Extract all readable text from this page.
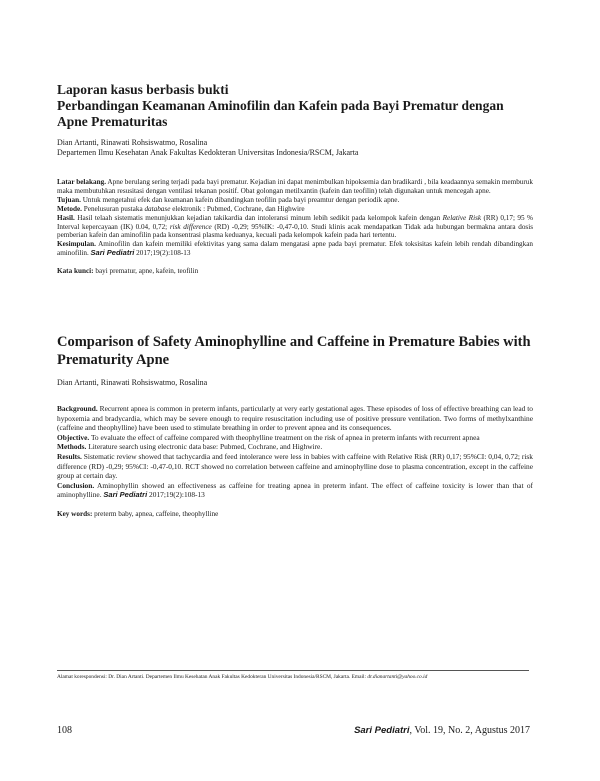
Laporan kasus berbasis bukti

Perbandingan Keamanan Aminofilin dan Kafein pada Bayi Prematur dengan Apne Prematuritas

Dian Artanti, Rinawati Rohsiswatmo, Rosalina

Departemen Ilmu Kesehatan Anak Fakultas Kedokteran Universitas Indonesia/RSCM, Jakarta

Latar belakang. Apne berulang sering terjadi pada bayi prematur. Kejadian ini dapat menimbulkan hipoksemia dan bradikardi , bila keadaannya semakin memburuk maka membutuhkan resusitasi dengan ventilasi tekanan positif. Obat golongan metilxantin (kafein dan teofilin) telah digunakan untuk mencegah apne.

Tujuan. Untuk mengetahui efek dan keamanan kafein dibandingkan teofilin pada bayi preamtur dengan periodik apne.

Metode. Penelusuran pustaka database elektronik : Pubmed, Cochrane, dan Highwire

Hasil. Hasil telaah sistematis menunjukkan kejadian takikardia dan intoleransi minum lebih sedikit pada kelompok kafein dengan Relative Risk (RR) 0,17; 95 % Interval kepercayaan (IK) 0.04, 0,72; risk difference (RD) -0,29; 95%IK: -0,47-0,10. Studi klinis acak mendapatkan Tidak ada hubungan bermakna antara dosis pemberian kafein dan aminofilin pada konsentrasi plasma keduanya, kecuali pada kelompok kafein pada hari tertentu.

Kesimpulan. Aminofilin dan kafein memiliki efektivitas yang sama dalam mengatasi apne pada bayi prematur. Efek toksisitas kafein lebih rendah dibandingkan aminofilin. Sari Pediatri 2017;19(2):108-13

Kata kunci: bayi prematur, apne, kafein, teofilin
Comparison of Safety Aminophylline and Caffeine in Premature Babies with Prematurity Apne

Dian Artanti, Rinawati Rohsiswatmo, Rosalina

Background. Recurrent apnea is common in preterm infants, particularly at very early gestational ages. These episodes of loss of effective breathing can lead to hypoxemia and bradycardia, which may be severe enough to require resuscitation including use of positive pressure ventilation. Two forms of methylxanthine (caffeine and theophylline) have been used to stimulate breathing in order to prevent apnea and its consequences.

Objective. To evaluate the effect of caffeine compared with theophylline treatment on the risk of apnea in preterm infants with recurrent apnea

Methods. Literature search using electronic data base: Pubmed, Cochrane, and Highwire.

Results. Sistematic review showed that tachycardia and feed intolerance were less in babies with caffeine with Relative Risk (RR) 0,17; 95%CI: 0,04, 0,72; risk difference (RD) -0,29; 95%CI: -0,47-0,10. RCT showed no correlation between caffeine and aminophylline dose to plasma concentration, except in the caffeine group at certain day.

Conclusion. Aminophyllin showed an effectiveness as caffeine for treating apnea in preterm infant. The effect of caffeine toxicity is lower than that of aminophylline. Sari Pediatri 2017;19(2):108-13

Key words: preterm baby, apnea, caffeine, theophylline
Alamat korespondensi: Dr. Dian Artanti. Departemen Ilmu Kesehatan Anak Fakultas Kedokteran Universitas Indonesia/RSCM, Jakarta. Email: dr.dianartanti@yahoo.co.id
108	Sari Pediatri, Vol. 19, No. 2, Agustus 2017
